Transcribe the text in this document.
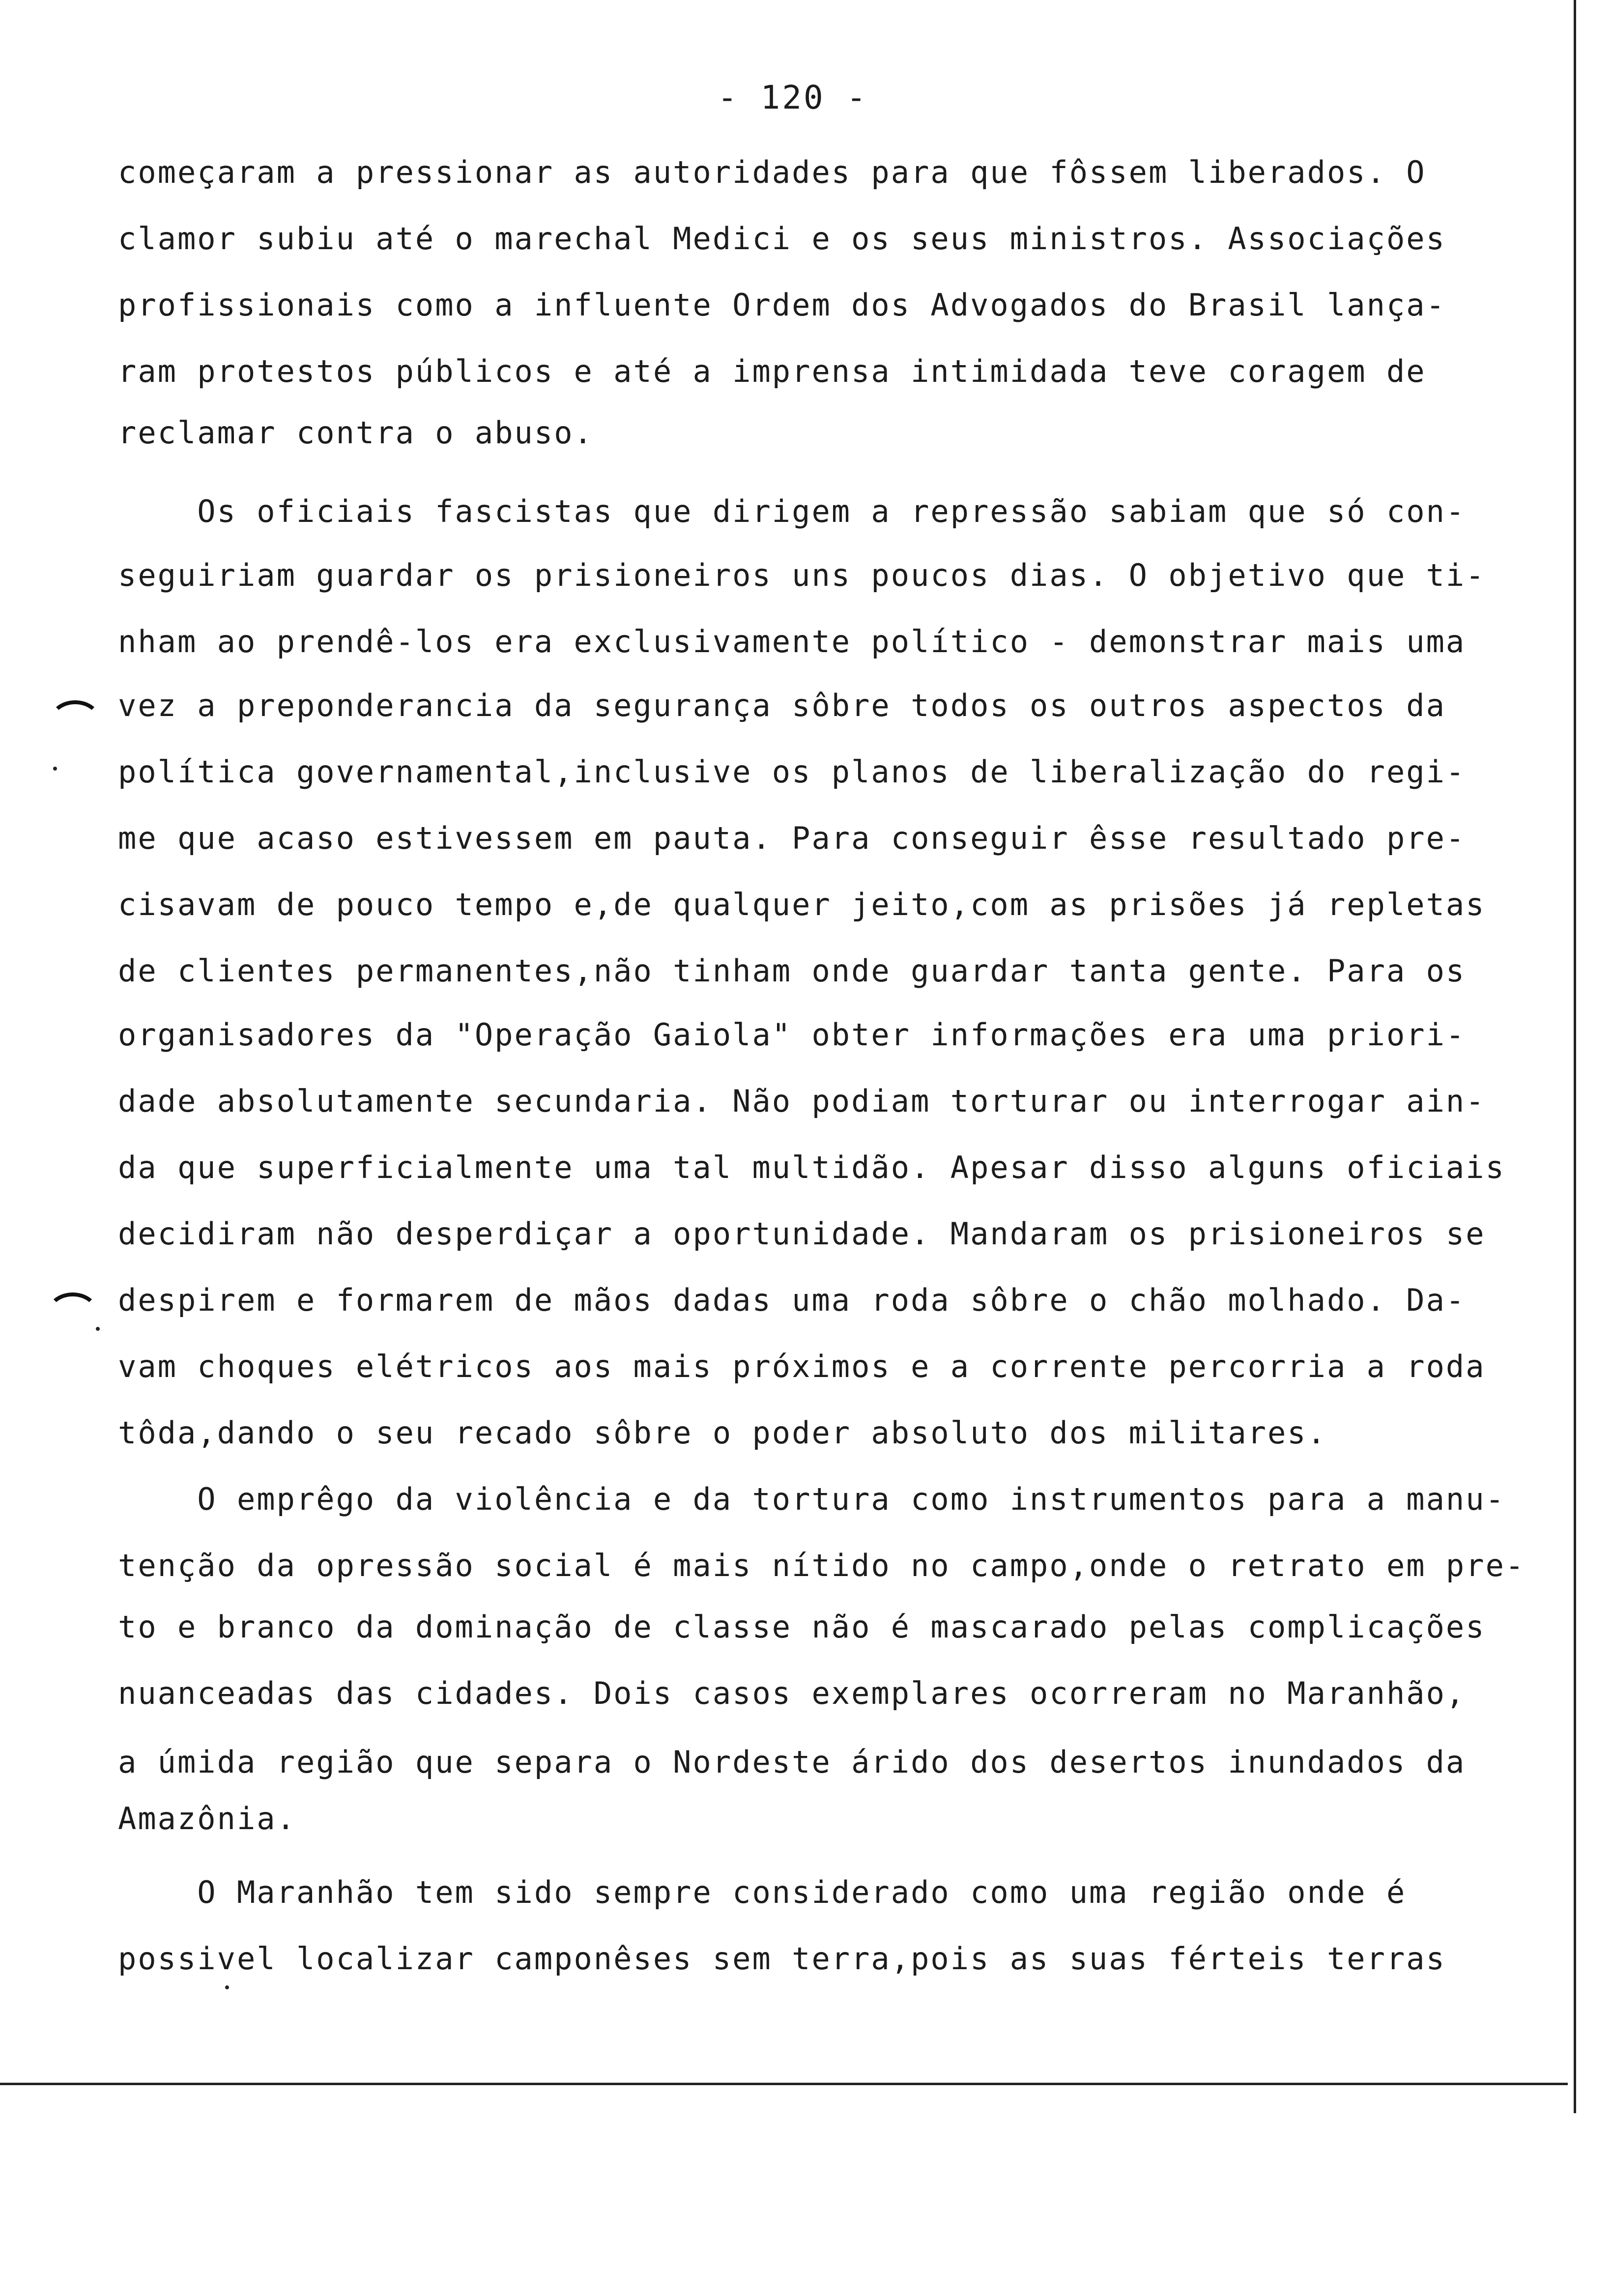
- 120 -
começaram a pressionar as autoridades para que fôssem liberados. O
clamor subiu até o marechal Medici e os seus ministros. Associações
profissionais como a influente Ordem dos Advogados do Brasil lança-
ram protestos públicos e até a imprensa intimidada teve coragem de
reclamar contra o abuso.
Os oficiais fascistas que dirigem a repressão sabiam que só con-
seguiriam guardar os prisioneiros uns poucos dias. O objetivo que ti-
nham ao prendê-los era exclusivamente político - demonstrar mais uma
vez a preponderancia da segurança sôbre todos os outros aspectos da
política governamental,inclusive os planos de liberalização do regi-
me que acaso estivessem em pauta. Para conseguir êsse resultado pre-
cisavam de pouco tempo e,de qualquer jeito,com as prisões já repletas
de clientes permanentes,não tinham onde guardar tanta gente. Para os
organisadores da "Operação Gaiola" obter informações era uma priori-
dade absolutamente secundaria. Não podiam torturar ou interrogar ain-
da que superficialmente uma tal multidão. Apesar disso alguns oficiais
decidiram não desperdiçar a oportunidade. Mandaram os prisioneiros se
despirem e formarem de mãos dadas uma roda sôbre o chão molhado. Da-
vam choques elétricos aos mais próximos e a corrente percorria a roda
tôda,dando o seu recado sôbre o poder absoluto dos militares.
O emprêgo da violência e da tortura como instrumentos para a manu-
tenção da opressão social é mais nítido no campo,onde o retrato em pre-
to e branco da dominação de classe não é mascarado pelas complicações
nuanceadas das cidades. Dois casos exemplares ocorreram no Maranhão,
a úmida região que separa o Nordeste árido dos desertos inundados da
Amazônia.
O Maranhão tem sido sempre considerado como uma região onde é
possivel localizar camponêses sem terra,pois as suas férteis terras
